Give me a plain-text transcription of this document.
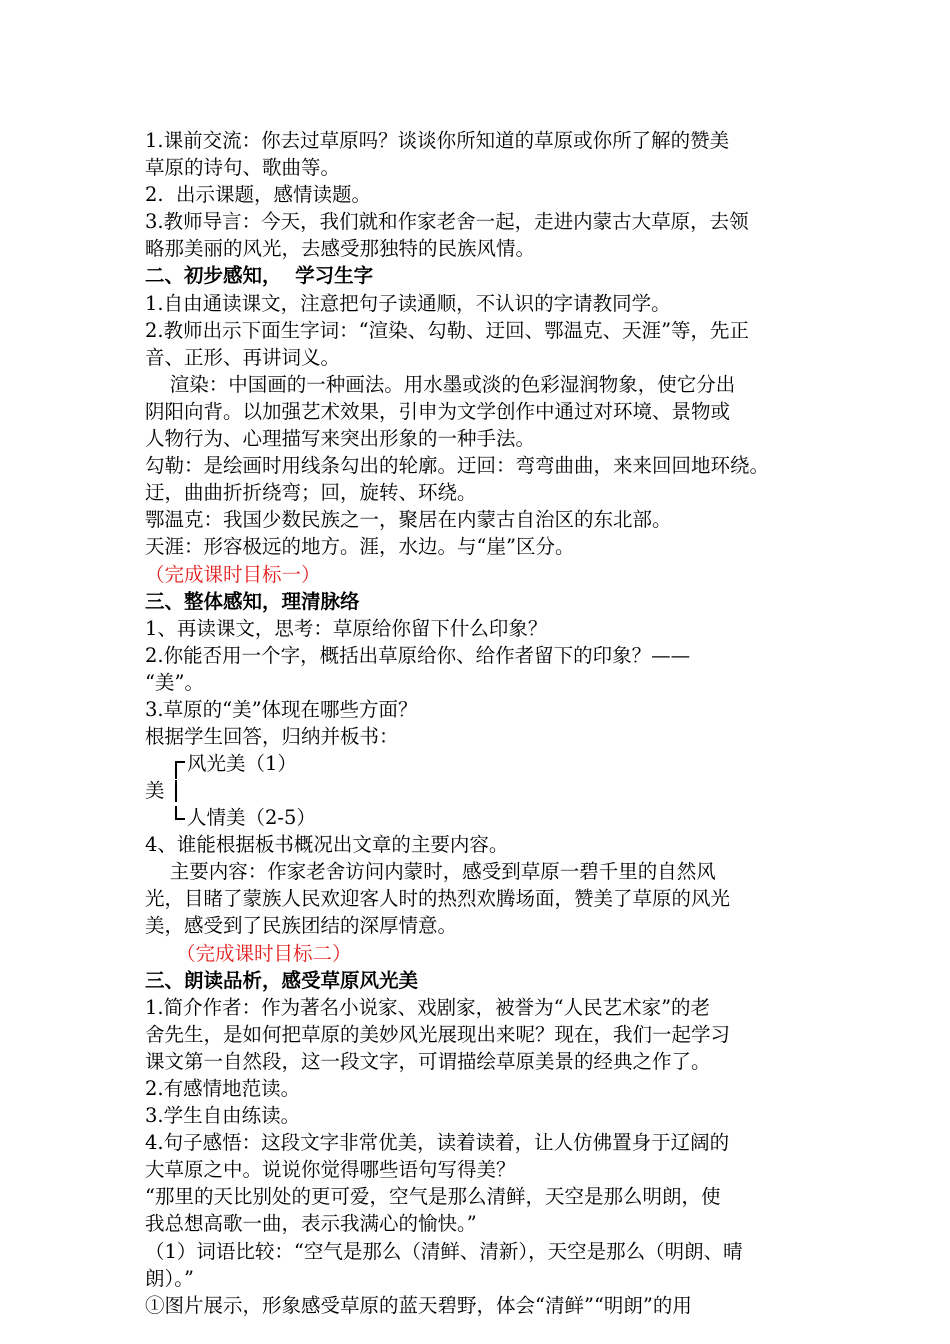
1.课前交流：你去过草原吗？谈谈你所知道的草原或你所了解的赞美
草原的诗句、歌曲等。
2.  出示课题，感情读题。
3.教师导言：今天，我们就和作家老舍一起，走进内蒙古大草原，去领
略那美丽的风光，去感受那独特的民族风情。
二、初步感知，  学习生字
1.自由通读课文，注意把句子读通顺，不认识的字请教同学。
2.教师出示下面生字词：“渲染、勾勒、迂回、鄂温克、天涯”等，先正
音、正形、再讲词义。
渲染：中国画的一种画法。用水墨或淡的色彩湿润物象，使它分出
阴阳向背。以加强艺术效果，引申为文学创作中通过对环境、景物或
人物行为、心理描写来突出形象的一种手法。
勾勒：是绘画时用线条勾出的轮廓。迂回：弯弯曲曲，来来回回地环绕。
迂，曲曲折折绕弯；回，旋转、环绕。
鄂温克：我国少数民族之一，聚居在内蒙古自治区的东北部。
天涯：形容极远的地方。涯，水边。与“崖”区分。
（完成课时目标一）
三、整体感知，理清脉络
1、再读课文，思考：草原给你留下什么印象？
2.你能否用一个字，概括出草原给你、给作者留下的印象？——
“美”。
3.草原的“美”体现在哪些方面？
根据学生回答，归纳并板书：
风光美（1）
美
人情美（2-5）
4、谁能根据板书概况出文章的主要内容。
主要内容：作家老舍访问内蒙时，感受到草原一碧千里的自然风
光，目睹了蒙族人民欢迎客人时的热烈欢腾场面，赞美了草原的风光
美，感受到了民族团结的深厚情意。
（完成课时目标二）
三、朗读品析，感受草原风光美
1.简介作者：作为著名小说家、戏剧家，被誉为“人民艺术家”的老
舍先生，是如何把草原的美妙风光展现出来呢？现在，我们一起学习
课文第一自然段，这一段文字，可谓描绘草原美景的经典之作了。
2.有感情地范读。
3.学生自由练读。
4.句子感悟：这段文字非常优美，读着读着，让人仿佛置身于辽阔的
大草原之中。说说你觉得哪些语句写得美？
“那里的天比别处的更可爱，空气是那么清鲜，天空是那么明朗，使
我总想高歌一曲，表示我满心的愉快。”
（1）词语比较：“空气是那么（清鲜、清新），天空是那么（明朗、晴
朗）。”
①图片展示，形象感受草原的蓝天碧野，体会“清鲜”“明朗”的用
